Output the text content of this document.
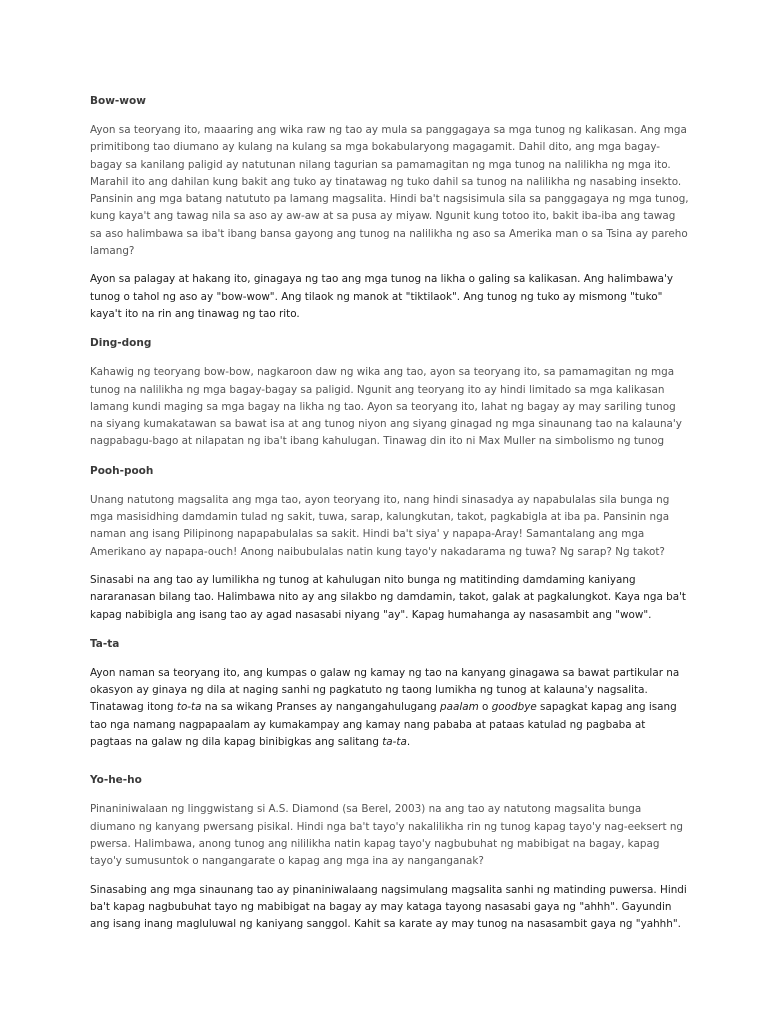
Bow-wow

Ayon sa teoryang ito, maaaring ang wika raw ng tao ay mula sa panggagaya sa mga tunog ng kalikasan. Ang mga primitibong tao diumano ay kulang na kulang sa mga bokabularyong magagamit. Dahil dito, ang mga bagay-bagay sa kanilang paligid ay natutunan nilang tagurian sa pamamagitan ng mga tunog na nalilikha ng mga ito. Marahil ito ang dahilan kung bakit ang tuko ay tinatawag ng tuko dahil sa tunog na nalilikha ng nasabing insekto. Pansinin ang mga batang natututo pa lamang magsalita. Hindi ba't nagsisimula sila sa panggagaya ng mga tunog, kung kaya't ang tawag nila sa aso ay aw-aw at sa pusa ay miyaw. Ngunit kung totoo ito, bakit iba-iba ang tawag sa aso halimbawa sa iba't ibang bansa gayong ang tunog na nalilikha ng aso sa Amerika man o sa Tsina ay pareho lamang?

Ayon sa palagay at hakang ito, ginagaya ng tao ang mga tunog na likha o galing sa kalikasan. Ang halimbawa'y tunog o tahol ng aso ay "bow-wow". Ang tilaok ng manok at "tiktilaok". Ang tunog ng tuko ay mismong "tuko" kaya't ito na rin ang tinawag ng tao rito.

Ding-dong

Kahawig ng teoryang bow-bow, nagkaroon daw ng wika ang tao, ayon sa teoryang ito, sa pamamagitan ng mga tunog na nalilikha ng mga bagay-bagay sa paligid. Ngunit ang teoryang ito ay hindi limitado sa mga kalikasan lamang kundi maging sa mga bagay na likha ng tao. Ayon sa teoryang ito, lahat ng bagay ay may sariling tunog na siyang kumakatawan sa bawat isa at ang tunog niyon ang siyang ginagad ng mga sinaunang tao na kalauna'y nagpabagu-bago at nilapatan ng iba't ibang kahulugan. Tinawag din ito ni Max Muller na simbolismo ng tunog

Pooh-pooh

Unang natutong magsalita ang mga tao, ayon teoryang ito, nang hindi sinasadya ay napabulalas sila bunga ng mga masisidhing damdamin tulad ng sakit, tuwa, sarap, kalungkutan, takot, pagkabigla at iba pa. Pansinin nga naman ang isang Pilipinong napapabulalas sa sakit. Hindi ba't siya' y napapa-Aray! Samantalang ang mga Amerikano ay napapa-ouch! Anong naibubulalas natin kung tayo'y nakadarama ng tuwa? Ng sarap? Ng takot?

Sinasabi na ang tao ay lumilikha ng tunog at kahulugan nito bunga ng matitinding damdaming kaniyang nararanasan bilang tao. Halimbawa nito ay ang silakbo ng damdamin, takot, galak at pagkalungkot. Kaya nga ba't kapag nabibigla ang isang tao ay agad nasasabi niyang "ay". Kapag humahanga ay nasasambit ang "wow".

Ta-ta

Ayon naman sa teoryang ito, ang kumpas o galaw ng kamay ng tao na kanyang ginagawa sa bawat partikular na okasyon ay ginaya ng dila at naging sanhi ng pagkatuto ng taong lumikha ng tunog at kalauna'y nagsalita. Tinatawag itong to-ta na sa wikang Pranses ay nangangahulugang paalam o goodbye sapagkat kapag ang isang tao nga namang nagpapaalam ay kumakampay ang kamay nang pababa at pataas katulad ng pagbaba at pagtaas na galaw ng dila kapag binibigkas ang salitang ta-ta.

Yo-he-ho

Pinaniniwalaan ng linggwistang si A.S. Diamond (sa Berel, 2003) na ang tao ay natutong magsalita bunga diumano ng kanyang pwersang pisikal. Hindi nga ba't tayo'y nakalilikha rin ng tunog kapag tayo'y nag-eeksert ng pwersa. Halimbawa, anong tunog ang nililikha natin kapag tayo'y nagbubuhat ng mabibigat na bagay, kapag tayo'y sumusuntok o nangangarate o kapag ang mga ina ay nanganganak?

Sinasabing ang mga sinaunang tao ay pinaniniwalaang nagsimulang magsalita sanhi ng matinding puwersa. Hindi ba't kapag nagbubuhat tayo ng mabibigat na bagay ay may kataga tayong nasasabi gaya ng "ahhh". Gayundin ang isang inang magluluwal ng kaniyang sanggol. Kahit sa karate ay may tunog na nasasambit gaya ng "yahhh".
